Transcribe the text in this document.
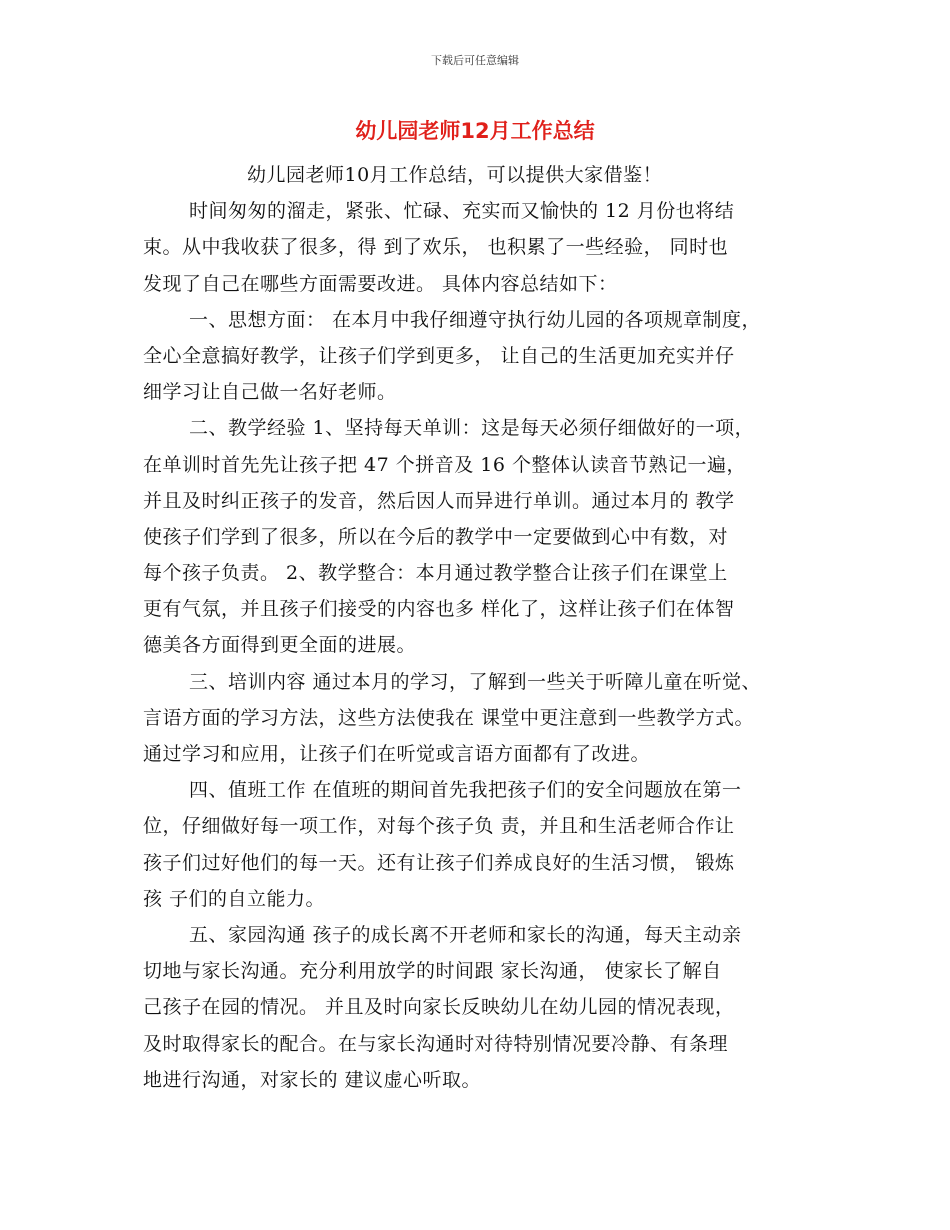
下载后可任意编辑
幼儿园老师12月工作总结
幼儿园老师10月工作总结，可以提供大家借鉴！
时间匆匆的溜走，紧张、忙碌、充实而又愉快的 12 月份也将结
束。从中我收获了很多，得 到了欢乐， 也积累了一些经验， 同时也
发现了自己在哪些方面需要改进。 具体内容总结如下：
一、思想方面： 在本月中我仔细遵守执行幼儿园的各项规章制度，
全心全意搞好教学，让孩子们学到更多， 让自己的生活更加充实并仔
细学习让自己做一名好老师。
二、教学经验 1、坚持每天单训：这是每天必须仔细做好的一项，
在单训时首先先让孩子把 47 个拼音及 16 个整体认读音节熟记一遍，
并且及时纠正孩子的发音，然后因人而异进行单训。通过本月的 教学
使孩子们学到了很多，所以在今后的教学中一定要做到心中有数，对
每个孩子负责。 2、教学整合：本月通过教学整合让孩子们在课堂上
更有气氛，并且孩子们接受的内容也多 样化了，这样让孩子们在体智
德美各方面得到更全面的进展。
三、培训内容 通过本月的学习，了解到一些关于听障儿童在听觉、
言语方面的学习方法，这些方法使我在 课堂中更注意到一些教学方式。
通过学习和应用，让孩子们在听觉或言语方面都有了改进。
四、值班工作 在值班的期间首先我把孩子们的安全问题放在第一
位，仔细做好每一项工作，对每个孩子负 责，并且和生活老师合作让
孩子们过好他们的每一天。还有让孩子们养成良好的生活习惯， 锻炼
孩 子们的自立能力。
五、家园沟通 孩子的成长离不开老师和家长的沟通，每天主动亲
切地与家长沟通。充分利用放学的时间跟 家长沟通， 使家长了解自
己孩子在园的情况。 并且及时向家长反映幼儿在幼儿园的情况表现，
及时取得家长的配合。在与家长沟通时对待特别情况要冷静、有条理
地进行沟通，对家长的 建议虚心听取。
